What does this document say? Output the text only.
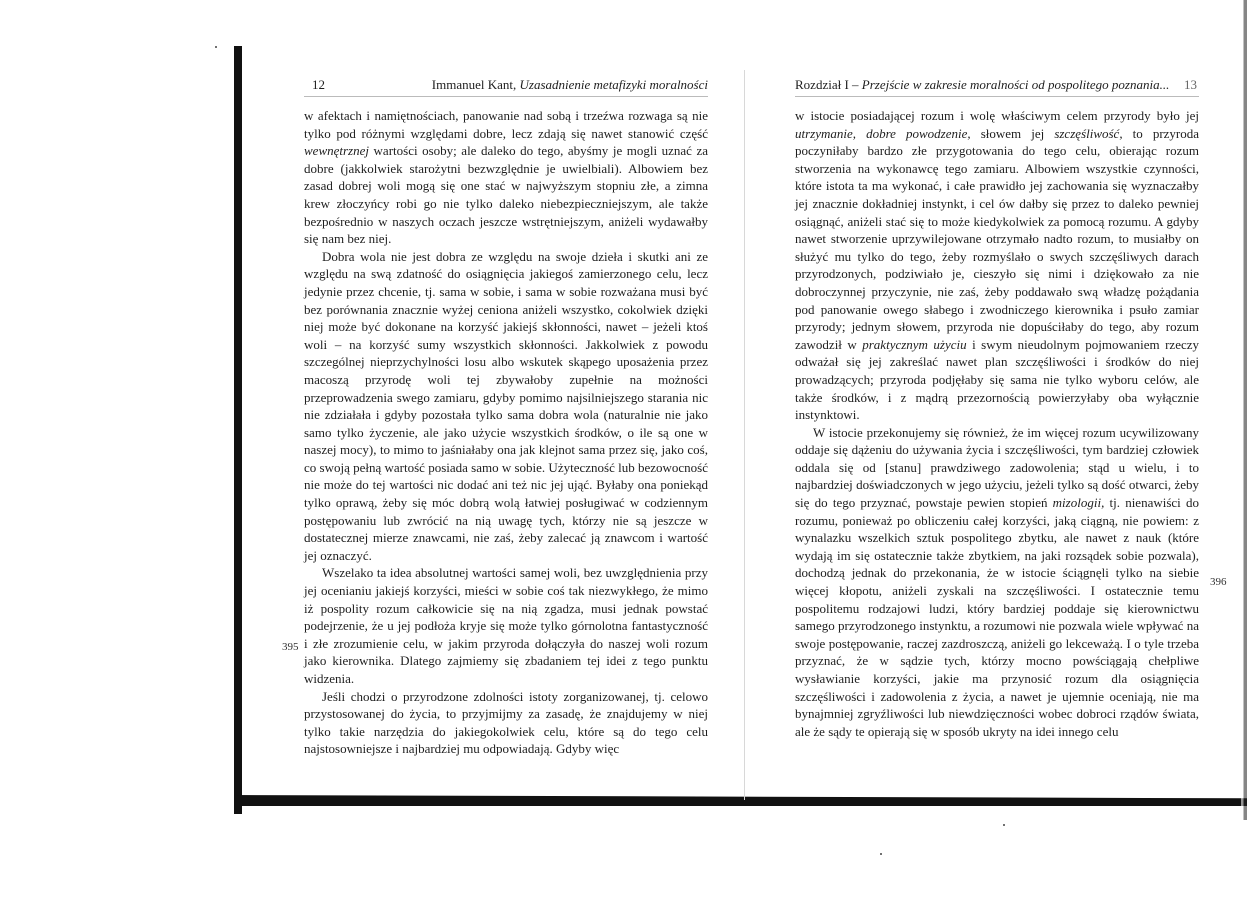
12	Immanuel Kant, Uzasadnienie metafizyki moralności

w afektach i namiętnościach, panowanie nad sobą i trzeźwa rozwaga są nie tylko pod różnymi względami dobre, lecz zdają się nawet stanowić część wewnętrznej wartości osoby; ale daleko do tego, abyśmy je mogli uznać za dobre (jakkolwiek starożytni bezwzględnie je uwielbiali). Albowiem bez zasad dobrej woli mogą się one stać w najwyższym stopniu złe, a zimna krew złoczyńcy robi go nie tylko daleko niebezpieczniejszym, ale także bezpośrednio w naszych oczach jeszcze wstrętniejszym, aniżeli wydawałby się nam bez niej.

Dobra wola nie jest dobra ze względu na swoje dzieła i skutki ani ze względu na swą zdatność do osiągnięcia jakiegoś zamierzonego celu, lecz jedynie przez chcenie, tj. sama w sobie, i sama w sobie rozważana musi być bez porównania znacznie wyżej ceniona aniżeli wszystko, cokolwiek dzięki niej może być dokonane na korzyść jakiejś skłonności, nawet – jeżeli ktoś woli – na korzyść sumy wszystkich skłonności. Jakkolwiek z powodu szczególnej nieprzychylności losu albo wskutek skąpego uposażenia przez macoszą przyrodę woli tej zbywałoby zupełnie na możności przeprowadzenia swego zamiaru, gdyby pomimo najsilniejszego starania nic nie zdziałała i gdyby pozostała tylko sama dobra wola (naturalnie nie jako samo tylko życzenie, ale jako użycie wszystkich środków, o ile są one w naszej mocy), to mimo to jaśniałaby ona jak klejnot sama przez się, jako coś, co swoją pełną wartość posiada samo w sobie. Użyteczność lub bezowocność nie może do tej wartości nic dodać ani też nic jej ująć. Byłaby ona poniekąd tylko oprawą, żeby się móc dobrą wolą łatwiej posługiwać w codziennym postępowaniu lub zwrócić na nią uwagę tych, którzy nie są jeszcze w dostatecznej mierze znawcami, nie zaś, żeby zalecać ją znawcom i wartość jej oznaczyć.

Wszelako ta idea absolutnej wartości samej woli, bez uwzględnienia przy jej ocenianiu jakiejś korzyści, mieści w sobie coś tak niezwykłego, że mimo iż pospolity rozum całkowicie się na nią zgadza, musi jednak powstać podejrzenie, że u jej podłoża kryje się może tylko górnolotna fantastyczność i złe zrozumienie celu, w jakim przyroda dołączyła do naszej woli rozum jako kierownika. Dlatego zajmiemy się zbadaniem tej idei z tego punktu widzenia.

Jeśli chodzi o przyrodzone zdolności istoty zorganizowanej, tj. celowo przystosowanej do życia, to przyjmijmy za zasadę, że znajdujemy w niej tylko takie narzędzia do jakiegokolwiek celu, które są do tego celu najstosowniejsze i najbardziej mu odpowiadają. Gdyby więc

395
Rozdział I – Przejście w zakresie moralności od pospolitego poznania... 13

w istocie posiadającej rozum i wolę właściwym celem przyrody było jej utrzymanie, dobre powodzenie, słowem jej szczęśliwość, to przyroda poczyniłaby bardzo złe przygotowania do tego celu, obierając rozum stworzenia na wykonawcę tego zamiaru. Albowiem wszystkie czynności, które istota ta ma wykonać, i całe prawidło jej zachowania się wyznaczałby jej znacznie dokładniej instynkt, i cel ów dałby się przez to daleko pewniej osiągnąć, aniżeli stać się to może kiedykolwiek za pomocą rozumu. A gdyby nawet stworzenie uprzywilejowane otrzymało nadto rozum, to musiałby on służyć mu tylko do tego, żeby rozmyślało o swych szczęśliwych darach przyrodzonych, podziwiało je, cieszyło się nimi i dziękowało za nie dobroczynnej przyczynie, nie zaś, żeby poddawało swą władzę pożądania pod panowanie owego słabego i zwodniczego kierownika i psuło zamiar przyrody; jednym słowem, przyroda nie dopuściłaby do tego, aby rozum zawodził w praktycznym użyciu i swym nieudolnym pojmowaniem rzeczy odważał się jej zakreślać nawet plan szczęśliwości i środków do niej prowadzących; przyroda podjęłaby się sama nie tylko wyboru celów, ale także środków, i z mądrą przezornością powierzyłaby oba wyłącznie instynktowi.

W istocie przekonujemy się również, że im więcej rozum ucywilizowany oddaje się dążeniu do używania życia i szczęśliwości, tym bardziej człowiek oddala się od [stanu] prawdziwego zadowolenia; stąd u wielu, i to najbardziej doświadczonych w jego użyciu, jeżeli tylko są dość otwarci, żeby się do tego przyznać, powstaje pewien stopień mizologii, tj. nienawiści do rozumu, ponieważ po obliczeniu całej korzyści, jaką ciągną, nie powiem: z wynalazku wszelkich sztuk pospolitego zbytku, ale nawet z nauk (które wydają im się ostatecznie także zbytkiem, na jaki rozsądek sobie pozwala), dochodzą jednak do przekonania, że w istocie ściągnęli tylko na siebie więcej kłopotu, aniżeli zyskali na szczęśliwości. I ostatecznie temu pospolitemu rodzajowi ludzi, który bardziej poddaje się kierownictwu samego przyrodzonego instynktu, a rozumowi nie pozwala wiele wpływać na swoje postępowanie, raczej zazdroszczą, aniżeli go lekceważą. I o tyle trzeba przyznać, że w sądzie tych, którzy mocno powściągają chełpliwe wysławianie korzyści, jakie ma przynosić rozum dla osiągnięcia szczęśliwości i zadowolenia z życia, a nawet je ujemnie oceniają, nie ma bynajmniej zgryźliwości lub niewdzięczności wobec dobroci rządów świata, ale że sądy te opierają się w sposób ukryty na idei innego celu

396
